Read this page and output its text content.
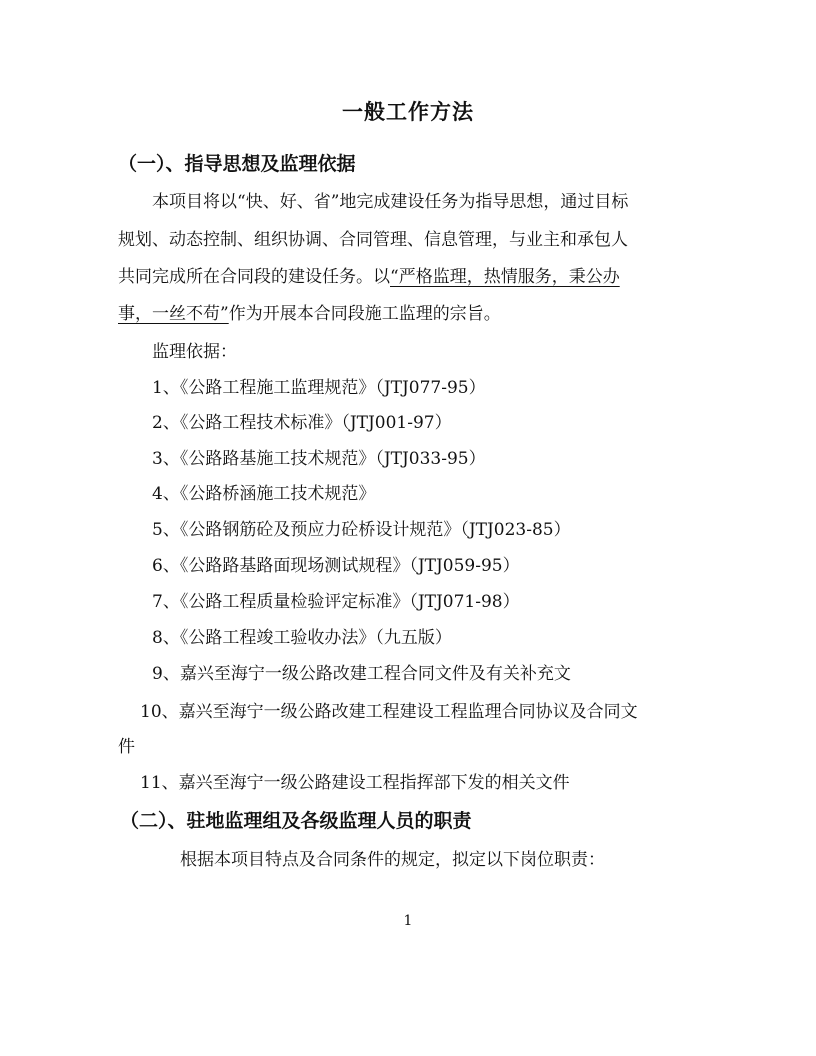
一般工作方法
（一）、指导思想及监理依据
本项目将以“快、好、省”地完成建设任务为指导思想，通过目标
规划、动态控制、组织协调、合同管理、信息管理，与业主和承包人
共同完成所在合同段的建设任务。以“严格监理，热情服务，秉公办
事，一丝不苟”作为开展本合同段施工监理的宗旨。
监理依据：
1、《公路工程施工监理规范》（JTJ077-95）
2、《公路工程技术标准》（JTJ001-97）
3、《公路路基施工技术规范》（JTJ033-95）
4、《公路桥涵施工技术规范》
5、《公路钢筋砼及预应力砼桥设计规范》（JTJ023-85）
6、《公路路基路面现场测试规程》（JTJ059-95）
7、《公路工程质量检验评定标准》（JTJ071-98）
8、《公路工程竣工验收办法》（九五版）
9、嘉兴至海宁一级公路改建工程合同文件及有关补充文
10、嘉兴至海宁一级公路改建工程建设工程监理合同协议及合同文
件
11、嘉兴至海宁一级公路建设工程指挥部下发的相关文件
（二）、驻地监理组及各级监理人员的职责
根据本项目特点及合同条件的规定，拟定以下岗位职责：
1
